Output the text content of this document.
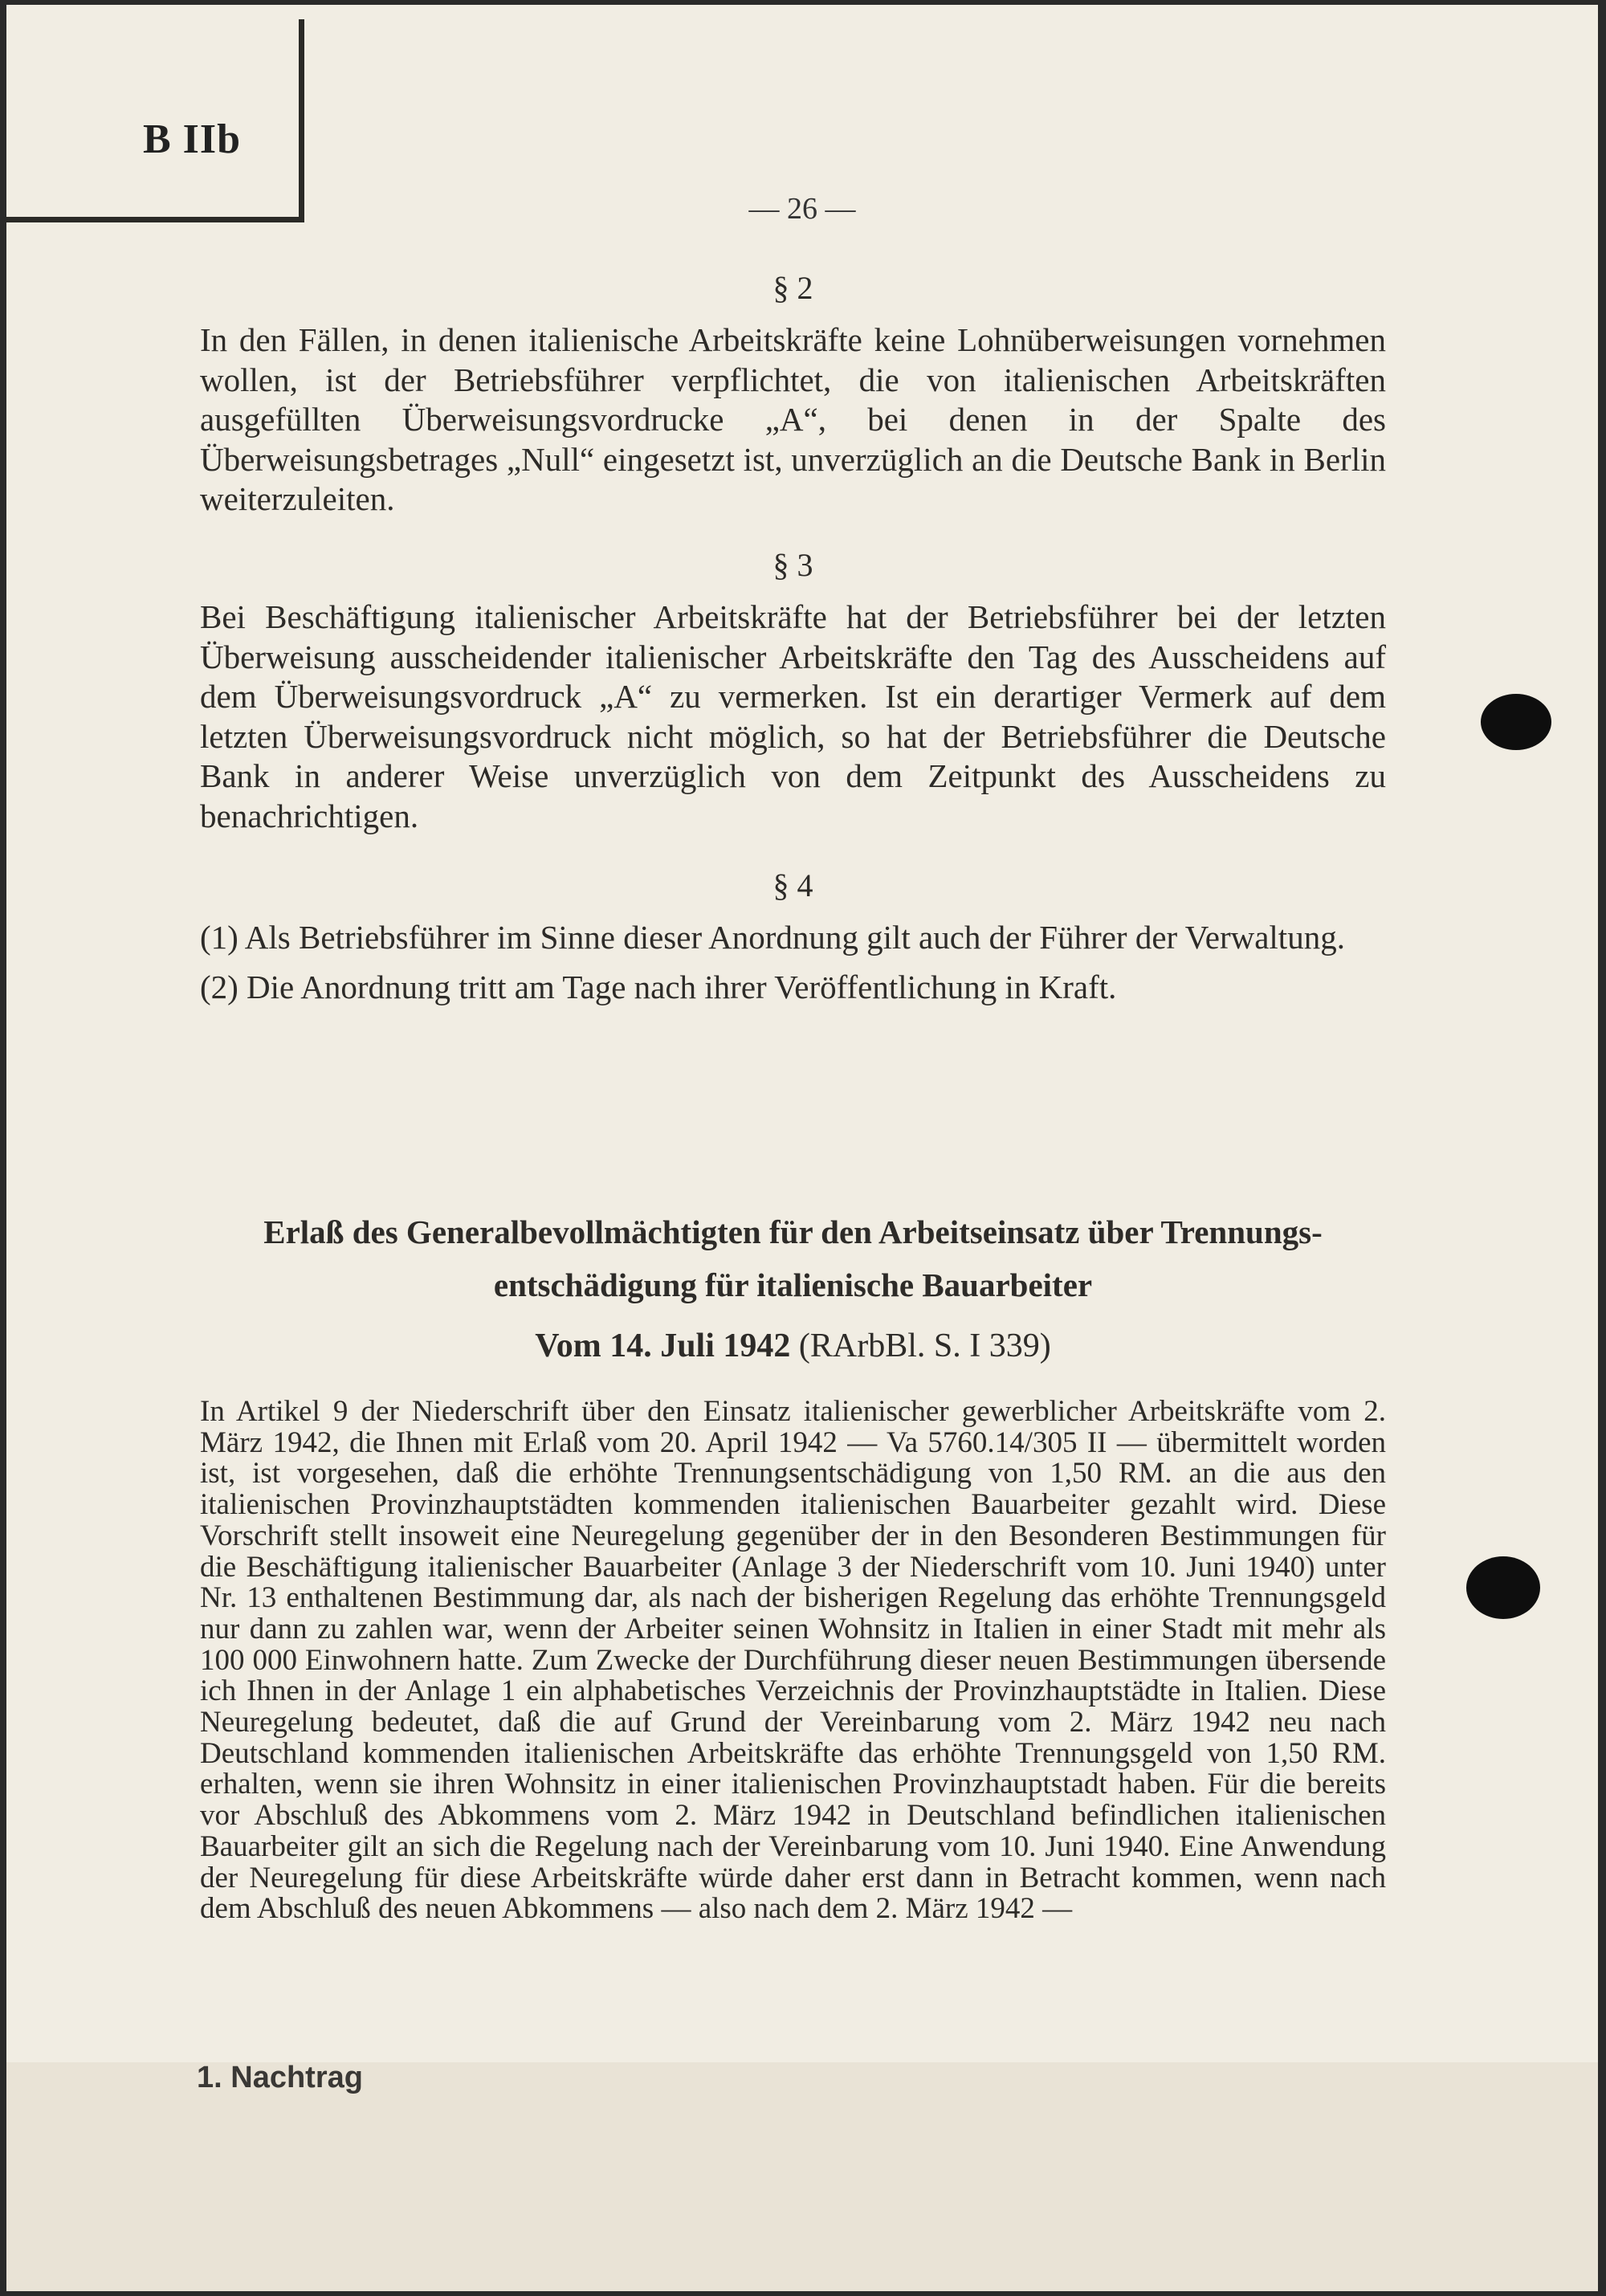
B IIb
— 26 —

§ 2

In den Fällen, in denen italienische Arbeitskräfte keine Lohnüberweisungen vornehmen wollen, ist der Betriebsführer verpflichtet, die von italienischen Arbeitskräften ausgefüllten Überweisungsvordrucke „A“, bei denen in der Spalte des Überweisungsbetrages „Null“ eingesetzt ist, unverzüglich an die Deutsche Bank in Berlin weiterzuleiten.

§ 3

Bei Beschäftigung italienischer Arbeitskräfte hat der Betriebsführer bei der letzten Überweisung ausscheidender italienischer Arbeitskräfte den Tag des Ausscheidens auf dem Überweisungsvordruck „A“ zu vermerken. Ist ein derartiger Vermerk auf dem letzten Überweisungsvordruck nicht möglich, so hat der Betriebsführer die Deutsche Bank in anderer Weise unverzüglich von dem Zeitpunkt des Ausscheidens zu benachrichtigen.

§ 4

(1) Als Betriebsführer im Sinne dieser Anordnung gilt auch der Führer der Verwaltung.

(2) Die Anordnung tritt am Tage nach ihrer Veröffentlichung in Kraft.

Erlaß des Generalbevollmächtigten für den Arbeitseinsatz über Trennungs-

entschädigung für italienische Bauarbeiter

Vom 14. Juli 1942 (RArbBl. S. I 339)

In Artikel 9 der Niederschrift über den Einsatz italienischer gewerblicher Arbeitskräfte vom 2. März 1942, die Ihnen mit Erlaß vom 20. April 1942 — Va 5760.14/305 II — übermittelt worden ist, ist vorgesehen, daß die erhöhte Trennungsentschädigung von 1,50 RM. an die aus den italienischen Provinzhauptstädten kommenden italienischen Bauarbeiter gezahlt wird. Diese Vorschrift stellt insoweit eine Neuregelung gegenüber der in den Besonderen Bestimmungen für die Beschäftigung italienischer Bauarbeiter (Anlage 3 der Niederschrift vom 10. Juni 1940) unter Nr. 13 enthaltenen Bestimmung dar, als nach der bisherigen Regelung das erhöhte Trennungsgeld nur dann zu zahlen war, wenn der Arbeiter seinen Wohnsitz in Italien in einer Stadt mit mehr als 100 000 Einwohnern hatte. Zum Zwecke der Durchführung dieser neuen Bestimmungen übersende ich Ihnen in der Anlage 1 ein alphabetisches Verzeichnis der Provinzhauptstädte in Italien. Diese Neuregelung bedeutet, daß die auf Grund der Vereinbarung vom 2. März 1942 neu nach Deutschland kommenden italienischen Arbeitskräfte das erhöhte Trennungsgeld von 1,50 RM. erhalten, wenn sie ihren Wohnsitz in einer italienischen Provinzhauptstadt haben. Für die bereits vor Abschluß des Abkommens vom 2. März 1942 in Deutschland befindlichen italienischen Bauarbeiter gilt an sich die Regelung nach der Vereinbarung vom 10. Juni 1940. Eine Anwendung der Neuregelung für diese Arbeitskräfte würde daher erst dann in Betracht kommen, wenn nach dem Abschluß des neuen Abkommens — also nach dem 2. März 1942 —

1. Nachtrag
